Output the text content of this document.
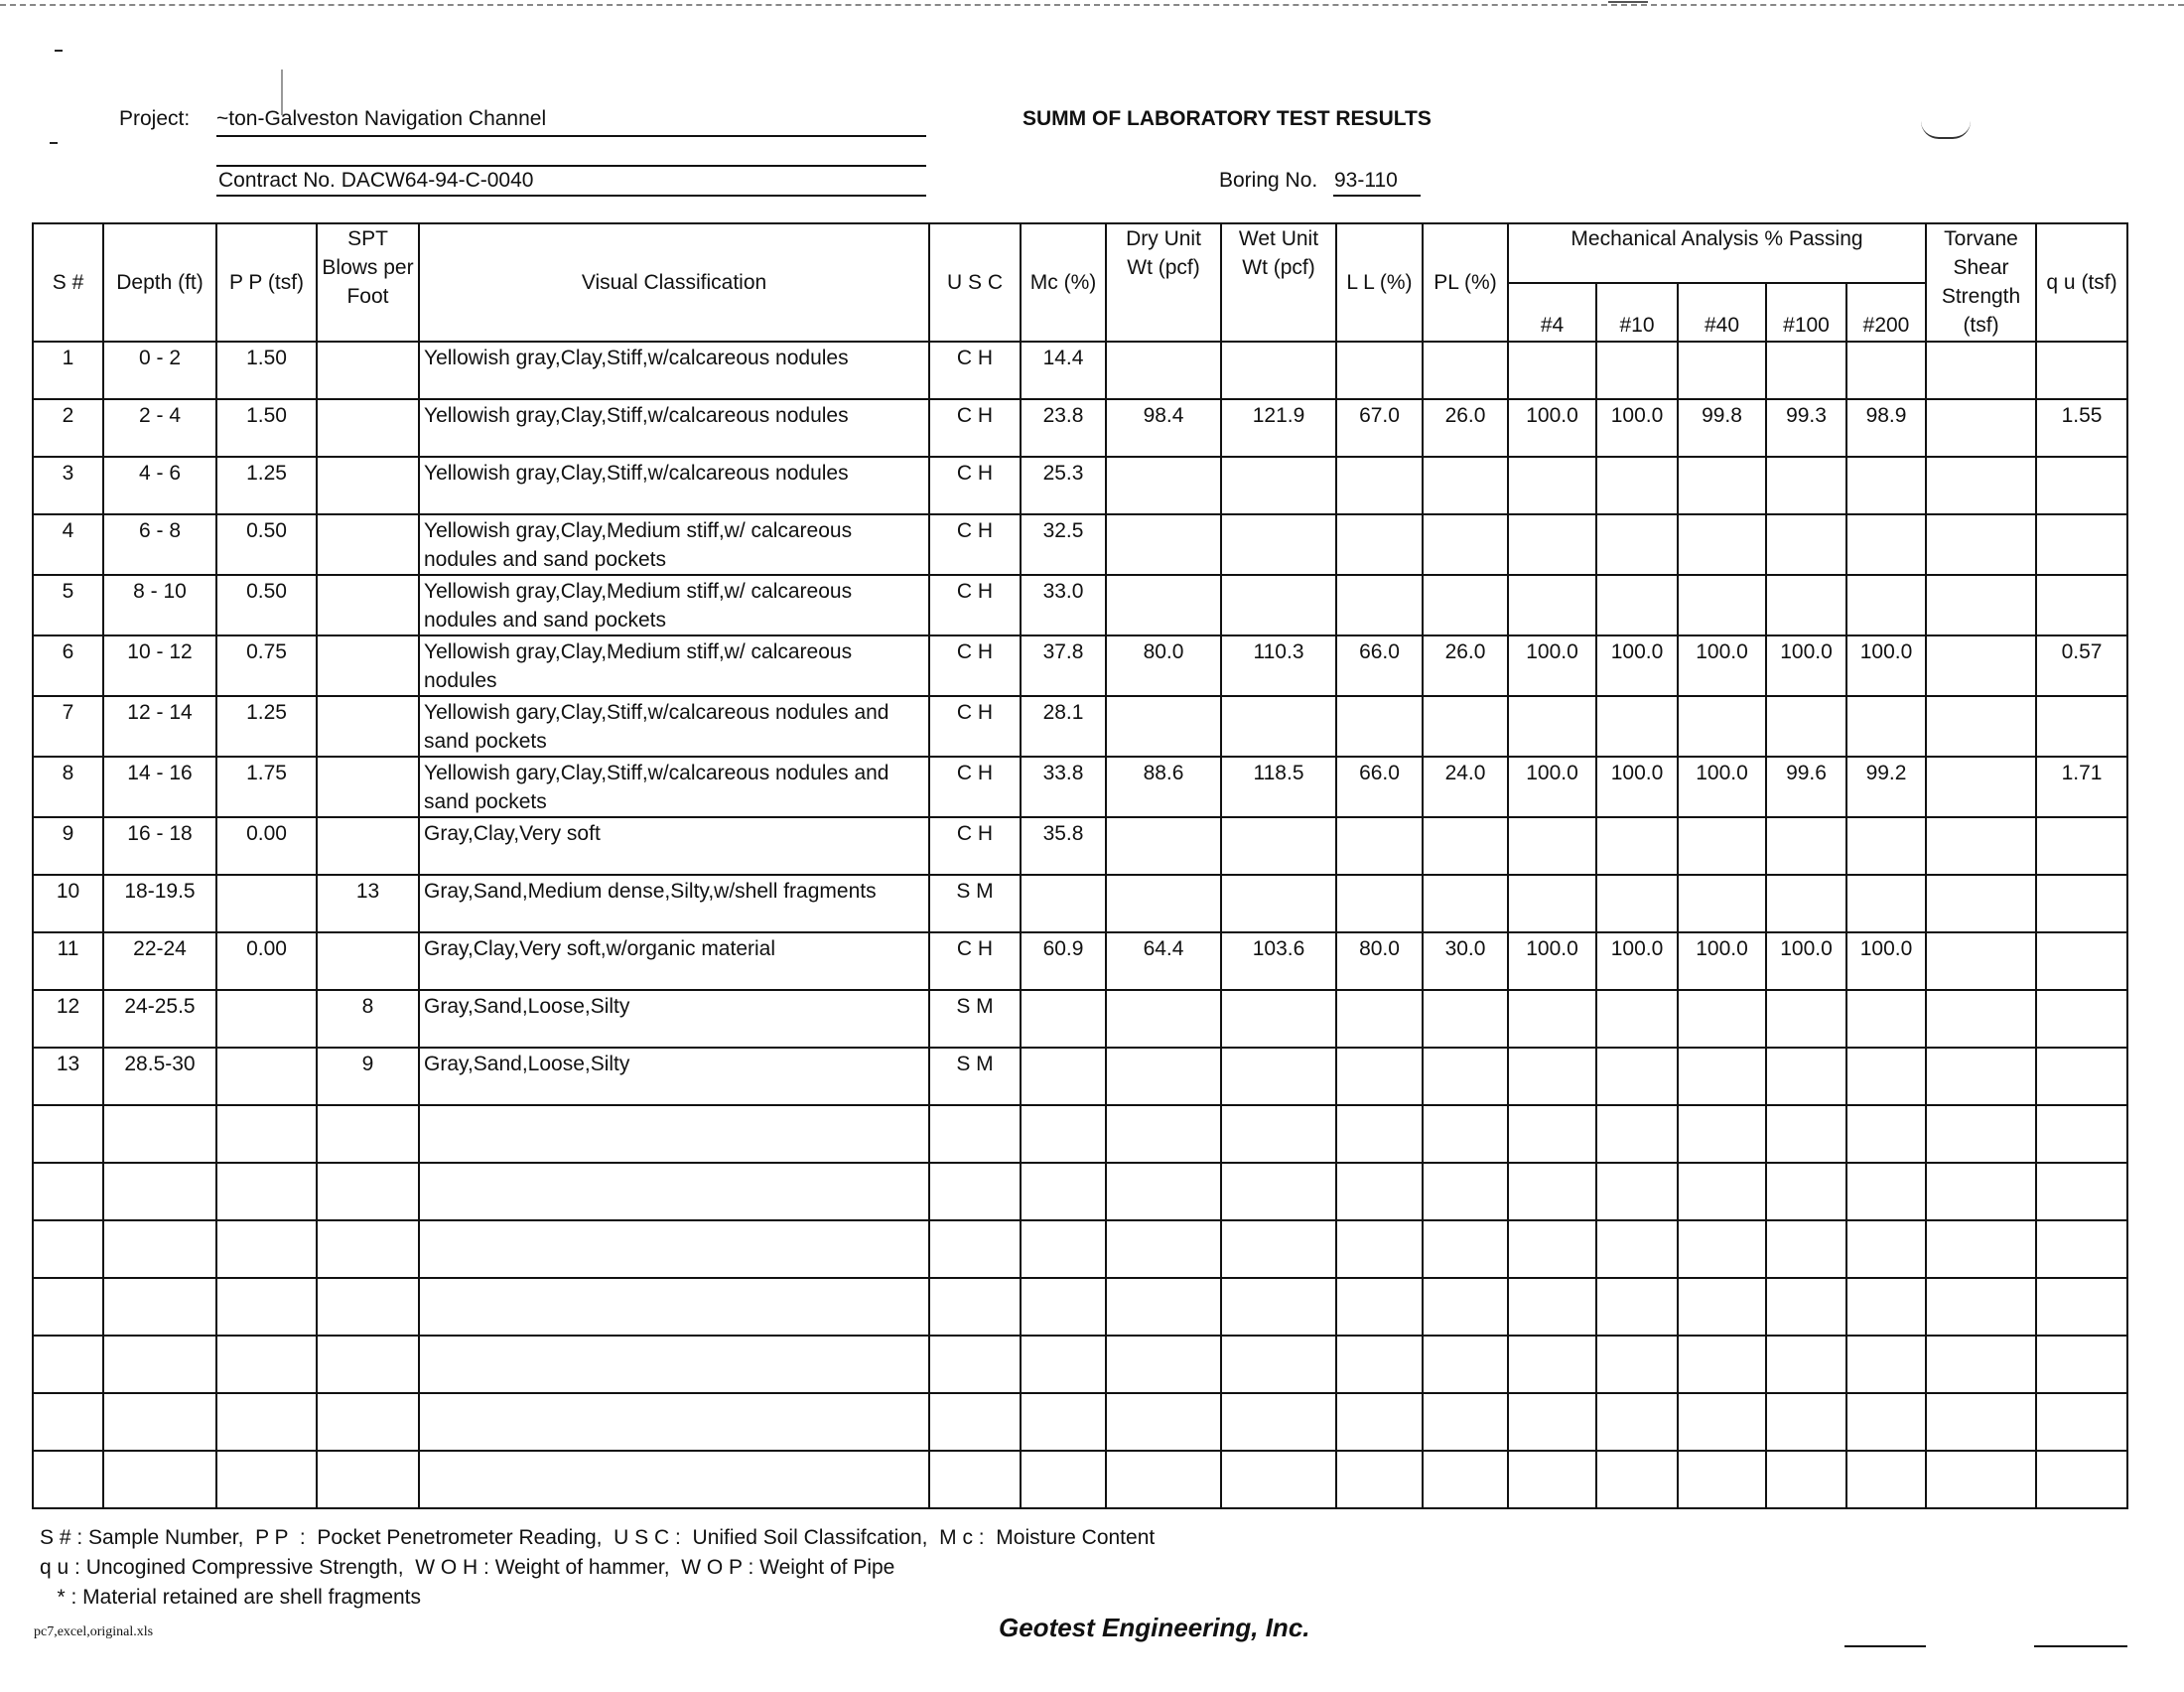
Project: ~ton-Galveston Navigation Channel
Contract No. DACW64-94-C-0040
SUMM OF LABORATORY TEST RESULTS
Boring No. 93-110
S #	Depth (ft)	P P (tsf)	SPT Blows per Foot	Visual Classification	U S C	Mc (%)	Dry Unit Wt (pcf)	Wet Unit Wt (pcf)	L L (%)	PL (%)	Mechanical Analysis % Passing					Torvane Shear Strength (tsf)	q u (tsf)
											#4	#10	#40	#100	#200		
1	0 - 2	1.50		Yellowish gray,Clay,Stiff,w/calcareous nodules	C H	14.4											
2	2 - 4	1.50		Yellowish gray,Clay,Stiff,w/calcareous nodules	C H	23.8	98.4	121.9	67.0	26.0	100.0	100.0	99.8	99.3	98.9		1.55
3	4 - 6	1.25		Yellowish gray,Clay,Stiff,w/calcareous nodules	C H	25.3											
4	6 - 8	0.50		Yellowish gray,Clay,Medium stiff,w/ calcareous nodules and sand pockets	C H	32.5											
5	8 - 10	0.50		Yellowish gray,Clay,Medium stiff,w/ calcareous nodules and sand pockets	C H	33.0											
6	10 - 12	0.75		Yellowish gray,Clay,Medium stiff,w/ calcareous nodules	C H	37.8	80.0	110.3	66.0	26.0	100.0	100.0	100.0	100.0	100.0		0.57
7	12 - 14	1.25		Yellowish gary,Clay,Stiff,w/calcareous nodules and sand pockets	C H	28.1											
8	14 - 16	1.75		Yellowish gary,Clay,Stiff,w/calcareous nodules and sand pockets	C H	33.8	88.6	118.5	66.0	24.0	100.0	100.0	100.0	99.6	99.2		1.71
9	16 - 18	0.00		Gray,Clay,Very soft	C H	35.8											
10	18-19.5		13	Gray,Sand,Medium dense,Silty,w/shell fragments	S M												
11	22-24	0.00		Gray,Clay,Very soft,w/organic material	C H	60.9	64.4	103.6	80.0	30.0	100.0	100.0	100.0	100.0	100.0		
12	24-25.5		8	Gray,Sand,Loose,Silty	S M												
13	28.5-30		9	Gray,Sand,Loose,Silty	S M												

S # : Sample Number,  P P  :  Pocket Penetrometer Reading,  U S C :  Unified Soil Classifcation,  M c :  Moisture Content
q u : Uncogined Compressive Strength,  W O H : Weight of hammer,  W O P : Weight of Pipe
* : Material retained are shell fragments
pc7,excel,original.xls	Geotest Engineering, Inc.
